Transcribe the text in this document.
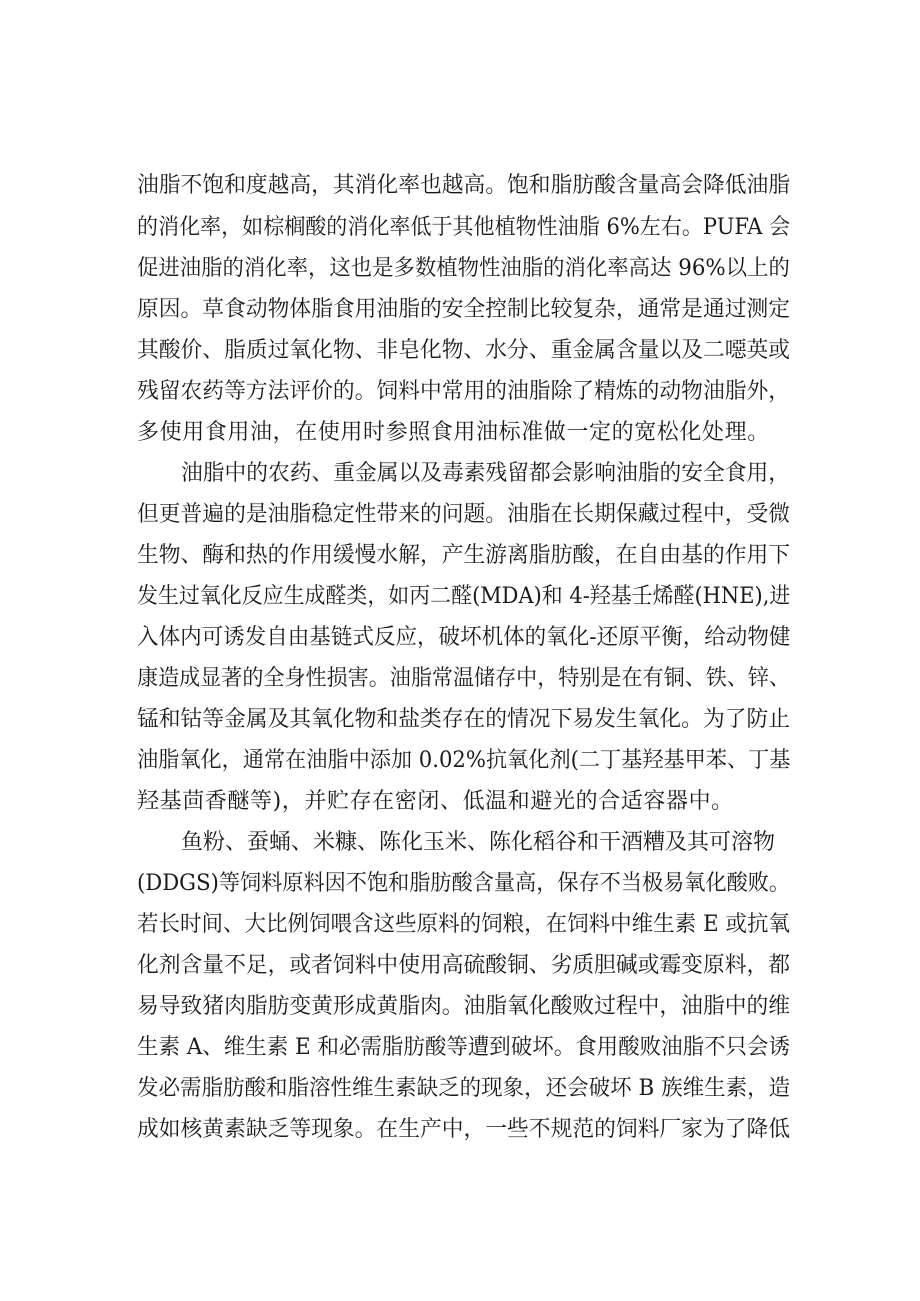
油脂不饱和度越高，其消化率也越高。饱和脂肪酸含量高会降低油脂
的消化率，如棕榈酸的消化率低于其他植物性油脂 6%左右。PUFA 会
促进油脂的消化率，这也是多数植物性油脂的消化率高达 96%以上的
原因。草食动物体脂食用油脂的安全控制比较复杂，通常是通过测定
其酸价、脂质过氧化物、非皂化物、水分、重金属含量以及二噁英或
残留农药等方法评价的。饲料中常用的油脂除了精炼的动物油脂外，
多使用食用油，在使用时参照食用油标准做一定的宽松化处理。
油脂中的农药、重金属以及毒素残留都会影响油脂的安全食用，
但更普遍的是油脂稳定性带来的问题。油脂在长期保藏过程中，受微
生物、酶和热的作用缓慢水解，产生游离脂肪酸，在自由基的作用下
发生过氧化反应生成醛类，如丙二醛(MDA)和 4-羟基壬烯醛(HNE),进
入体内可诱发自由基链式反应，破坏机体的氧化-还原平衡，给动物健
康造成显著的全身性损害。油脂常温储存中，特别是在有铜、铁、锌、
锰和钴等金属及其氧化物和盐类存在的情况下易发生氧化。为了防止
油脂氧化，通常在油脂中添加 0.02%抗氧化剂(二丁基羟基甲苯、丁基
羟基茴香醚等)，并贮存在密闭、低温和避光的合适容器中。
鱼粉、蚕蛹、米糠、陈化玉米、陈化稻谷和干酒糟及其可溶物
(DDGS)等饲料原料因不饱和脂肪酸含量高，保存不当极易氧化酸败。
若长时间、大比例饲喂含这些原料的饲粮，在饲料中维生素 E 或抗氧
化剂含量不足，或者饲料中使用高硫酸铜、劣质胆碱或霉变原料，都
易导致猪肉脂肪变黄形成黄脂肉。油脂氧化酸败过程中，油脂中的维
生素 A、维生素 E 和必需脂肪酸等遭到破坏。食用酸败油脂不只会诱
发必需脂肪酸和脂溶性维生素缺乏的现象，还会破坏 B 族维生素，造
成如核黄素缺乏等现象。在生产中，一些不规范的饲料厂家为了降低
